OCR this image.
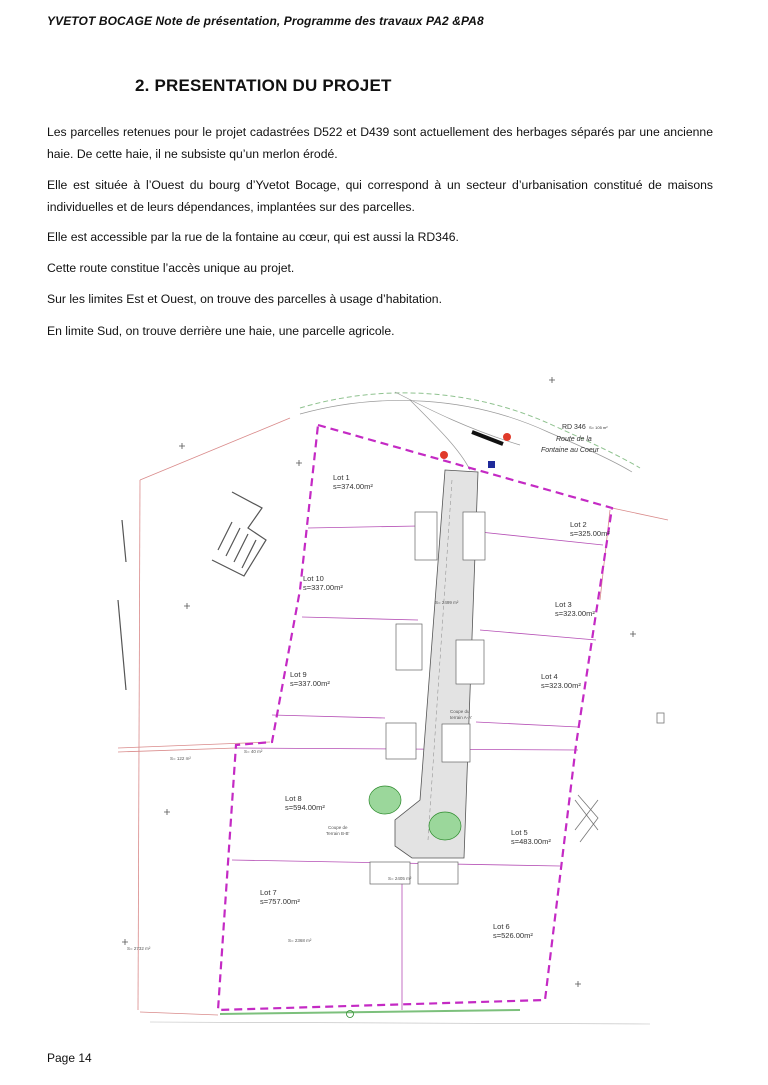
YVETOT BOCAGE Note de présentation, Programme des travaux PA2 &PA8
2. PRESENTATION DU PROJET
Les parcelles retenues pour le projet cadastrées D522 et D439 sont actuellement des herbages séparés par une ancienne haie. De cette haie, il ne subsiste qu’un merlon érodé.
Elle est située à l’Ouest du bourg d’Yvetot Bocage, qui correspond à un secteur d’urbanisation constitué de maisons individuelles et de leurs dépendances, implantées sur des parcelles.
Elle est accessible par la rue de la fontaine au cœur, qui est aussi la RD346.
Cette route constitue l’accès unique au projet.
Sur les limites Est et Ouest, on trouve des parcelles à usage d’habitation.
En limite Sud, on trouve derrière une haie, une parcelle agricole.
RD 346 S= 105 m²
Route de la
Fontaine au Coeur
S= 122 m²
S= 40 m²
S= 2732 m²
S= 2368 m²
S= 2405 m²
S= 2499 m²
Coupe du
terrain A-A'
Coupe de
Terrain B-B'
Lot 1
s=374.00m²
Lot 2
s=325.00m²
Lot 3
s=323.00m²
Lot 4
s=323.00m²
Lot 5
s=483.00m²
Lot 6
s=526.00m²
Lot 7
s=757.00m²
Lot 8
s=594.00m²
Lot 9
s=337.00m²
Lot 10
s=337.00m²
Page 14
